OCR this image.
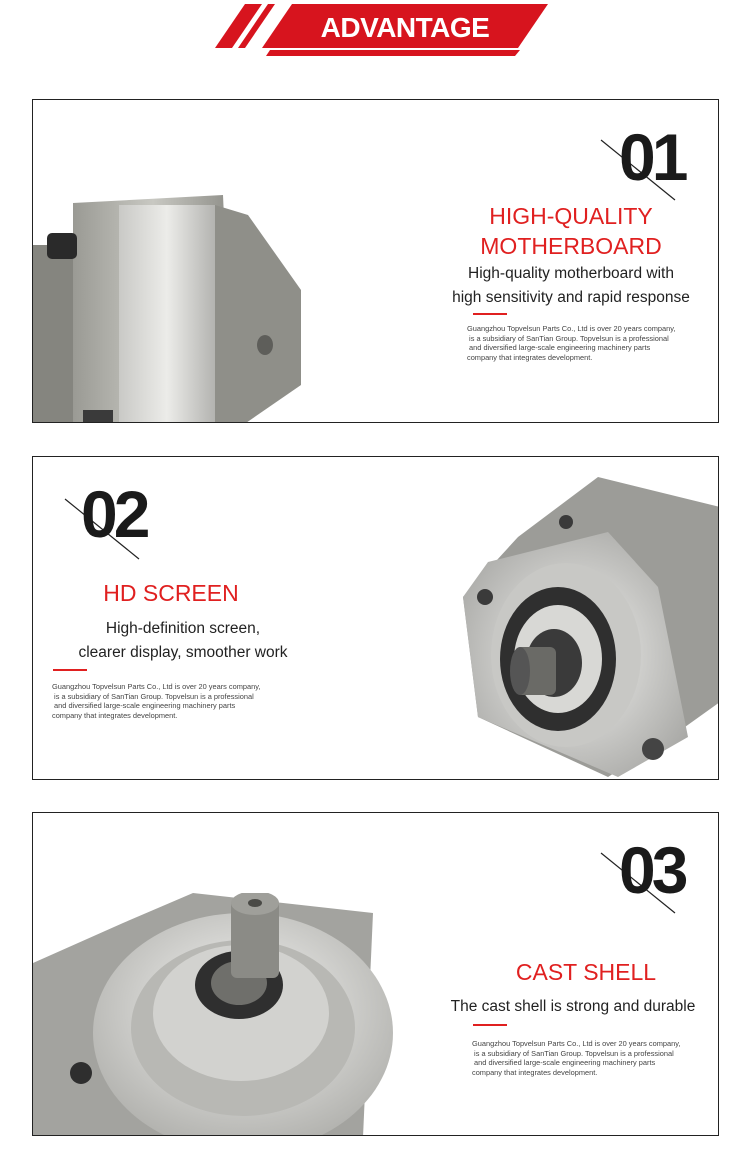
ADVANTAGE
01
HIGH-QUALITY
MOTHERBOARD
High-quality motherboard with
high sensitivity and rapid response
Guangzhou Topvelsun Parts Co., Ltd is over 20 years company,
is a subsidiary of SanTian Group. Topvelsun is a professional
and diversified large-scale engineering machinery parts
company that integrates development.
02
HD SCREEN
High-definition screen,
clearer display, smoother work
Guangzhou Topvelsun Parts Co., Ltd is over 20 years company,
is a subsidiary of SanTian Group. Topvelsun is a professional
and diversified large-scale engineering machinery parts
company that integrates development.
03
CAST SHELL
The cast shell is strong and durable
Guangzhou Topvelsun Parts Co., Ltd is over 20 years company,
is a subsidiary of SanTian Group. Topvelsun is a professional
and diversified large-scale engineering machinery parts
company that integrates development.
